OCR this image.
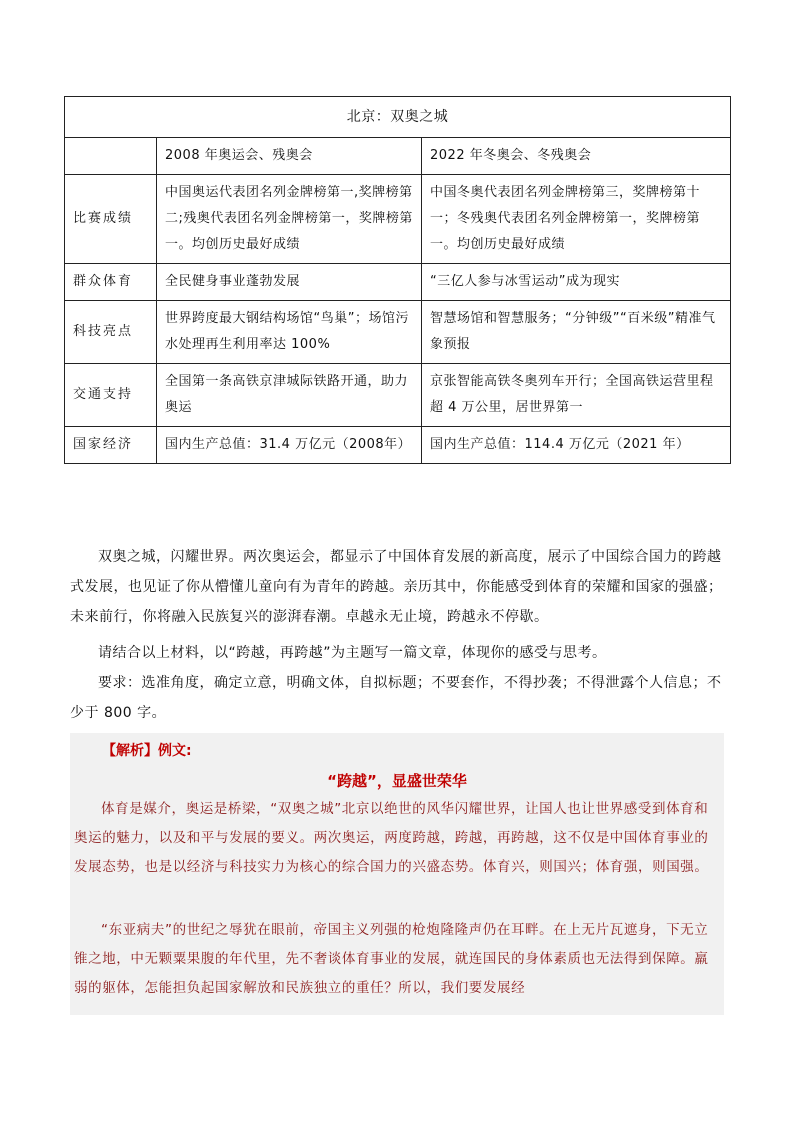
北京：双奥之城		
	2008 年奥运会、残奥会	2022 年冬奥会、冬残奥会
比赛成绩	中国奥运代表团名列金牌榜第一,奖牌榜第二;残奥代表团名列金牌榜第一，奖牌榜第一。均创历史最好成绩	中国冬奥代表团名列金牌榜第三，奖牌榜第十一；冬残奥代表团名列金牌榜第一，奖牌榜第一。均创历史最好成绩
群众体育	全民健身事业蓬勃发展	“三亿人参与冰雪运动”成为现实
科技亮点	世界跨度最大钢结构场馆“鸟巢”；场馆污水处理再生利用率达 100%	智慧场馆和智慧服务；“分钟级”“百米级”精准气象预报
交通支持	全国第一条高铁京津城际铁路开通，助力奥运	京张智能高铁冬奥列车开行；全国高铁运营里程超 4 万公里，居世界第一
国家经济	国内生产总值：31.4 万亿元（2008年）	国内生产总值：114.4 万亿元（2021 年）

双奥之城，闪耀世界。两次奥运会，都显示了中国体育发展的新高度，展示了中国综合国力的跨越式发展，也见证了你从懵懂儿童向有为青年的跨越。亲历其中，你能感受到体育的荣耀和国家的强盛；未来前行，你将融入民族复兴的澎湃春潮。卓越永无止境，跨越永不停歇。

请结合以上材料，以“跨越，再跨越”为主题写一篇文章，体现你的感受与思考。

要求：选准角度，确定立意，明确文体，自拟标题；不要套作，不得抄袭；不得泄露个人信息；不少于 800 字。

【解析】例文:
“跨越”，显盛世荣华

体育是媒介，奥运是桥梁，“双奥之城”北京以绝世的风华闪耀世界，让国人也让世界感受到体育和奥运的魅力，以及和平与发展的要义。两次奥运，两度跨越，跨越，再跨越，这不仅是中国体育事业的发展态势，也是以经济与科技实力为核心的综合国力的兴盛态势。体育兴，则国兴；体育强，则国强。

“东亚病夫”的世纪之辱犹在眼前，帝国主义列强的枪炮隆隆声仍在耳畔。在上无片瓦遮身，下无立锥之地，中无颗粟果腹的年代里，先不奢谈体育事业的发展，就连国民的身体素质也无法得到保障。羸弱的躯体，怎能担负起国家解放和民族独立的重任？所以，我们要发展经
